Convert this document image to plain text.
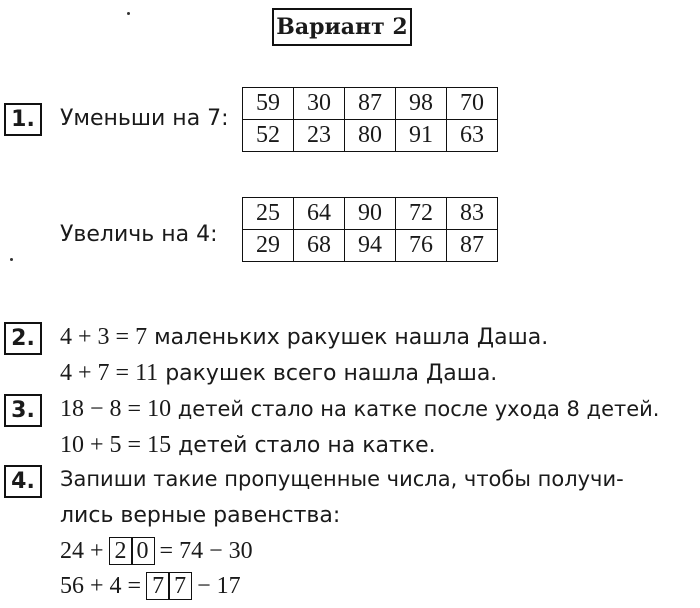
Вариант 2
1.	Уменьши на 7:
59	30	87	98	70
52	23	80	91	63
Увеличь на 4:
25	64	90	72	83
29	68	94	76	87
2. 4 + 3 = 7 маленьких ракушек нашла Даша.
4 + 7 = 11 ракушек всего нашла Даша.
3. 18 − 8 = 10 детей стало на катке после ухода 8 детей.
10 + 5 = 15 детей стало на катке.
4.	Запиши такие пропущенные числа, чтобы получи-
лись верные равенства:
24 + 2 0 = 74 − 30
56 + 4 = 7 7 − 17
